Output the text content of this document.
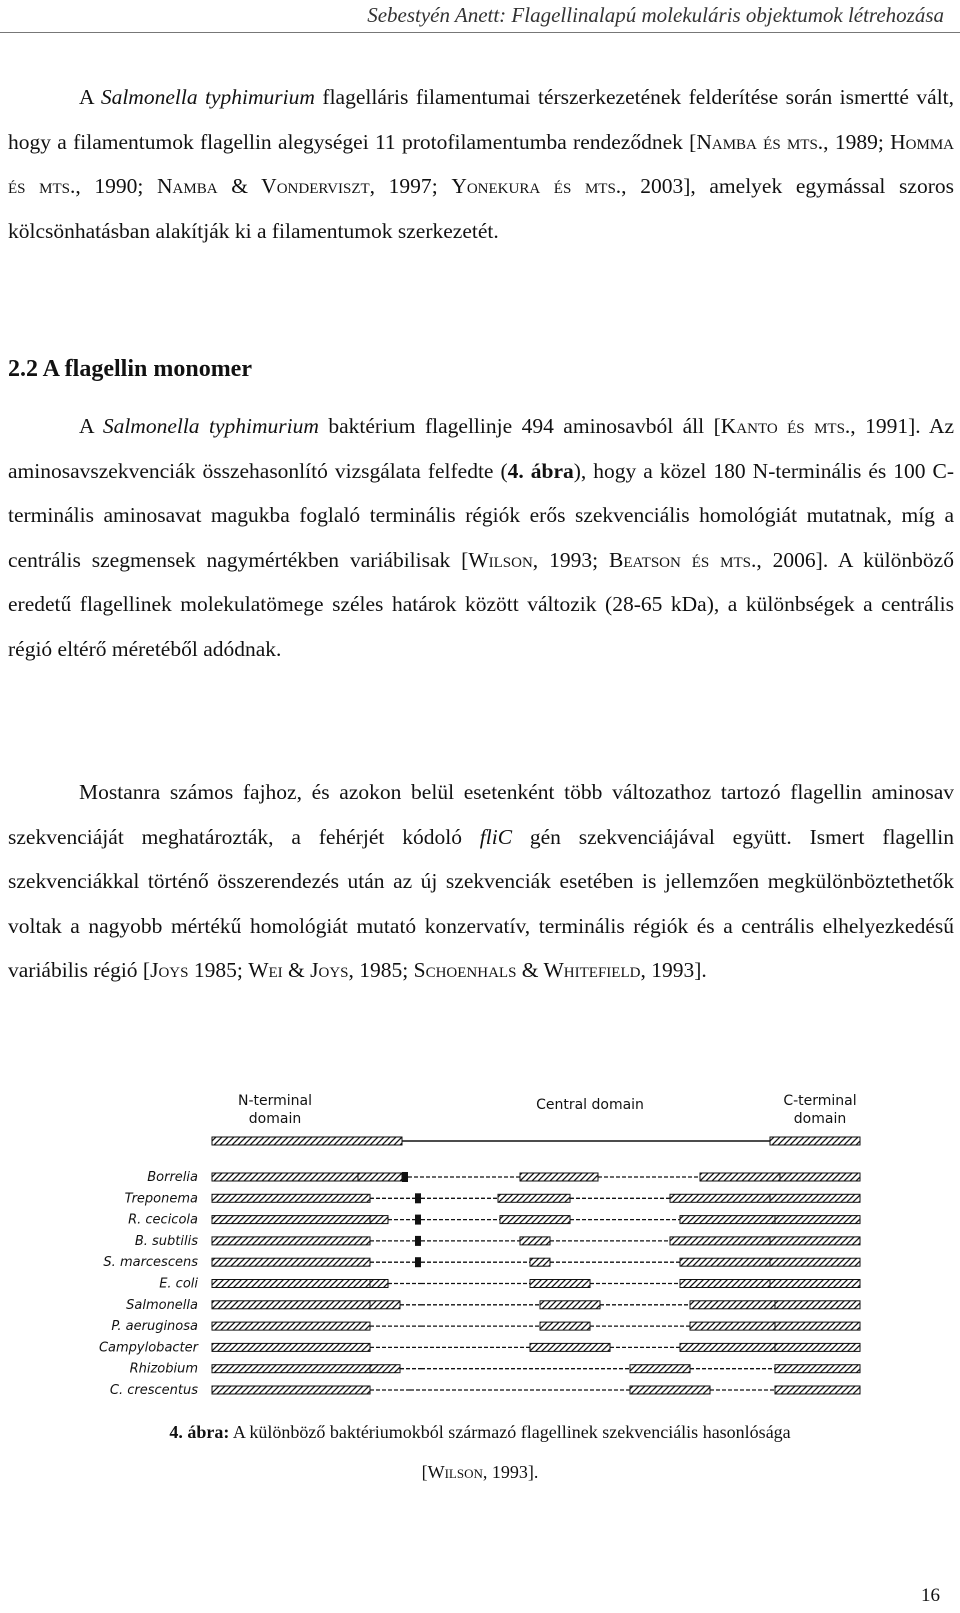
Sebestyén Anett: Flagellinalapú molekuláris objektumok létrehozása

A Salmonella typhimurium flagelláris filamentumai térszerkezetének felderítése során ismertté vált, hogy a filamentumok flagellin alegységei 11 protofilamentumba rendeződnek [Namba és mts., 1989; Homma és mts., 1990; Namba & Vonderviszt, 1997; Yonekura és mts., 2003], amelyek egymással szoros kölcsönhatásban alakítják ki a filamentumok szerkezetét.

2.2 A flagellin monomer

A Salmonella typhimurium baktérium flagellinje 494 aminosavból áll [Kanto és mts., 1991]. Az aminosavszekvenciák összehasonlító vizsgálata felfedte (4. ábra), hogy a közel 180 N-terminális és 100 C-terminális aminosavat magukba foglaló terminális régiók erős szekvenciális homológiát mutatnak, míg a centrális szegmensek nagymértékben variábilisak [Wilson, 1993; Beatson és mts., 2006]. A különböző eredetű flagellinek molekulatömege széles határok között változik (28-65 kDa), a különbségek a centrális régió eltérő méretéből adódnak.

Mostanra számos fajhoz, és azokon belül esetenként több változathoz tartozó flagellin aminosav szekvenciáját meghatározták, a fehérjét kódoló fliC gén szekvenciájával együtt. Ismert flagellin szekvenciákkal történő összerendezés után az új szekvenciák esetében is jellemzően megkülönböztethetők voltak a nagyobb mértékű homológiát mutató konzervatív, terminális régiók és a centrális elhelyezkedésű variábilis régió [Joys 1985; Wei & Joys, 1985; Schoenhals & Whitefield, 1993].

N-terminal
domain
Central domain	C-terminal
domain
Borrelia
Treponema
R. cecicola
B. subtilis
S. marcescens
E. coli
Salmonella
P. aeruginosa
Campylobacter
Rhizobium
C. crescentus
4. ábra: A különböző baktériumokból származó flagellinek szekvenciális hasonlósága
[Wilson, 1993].
16
